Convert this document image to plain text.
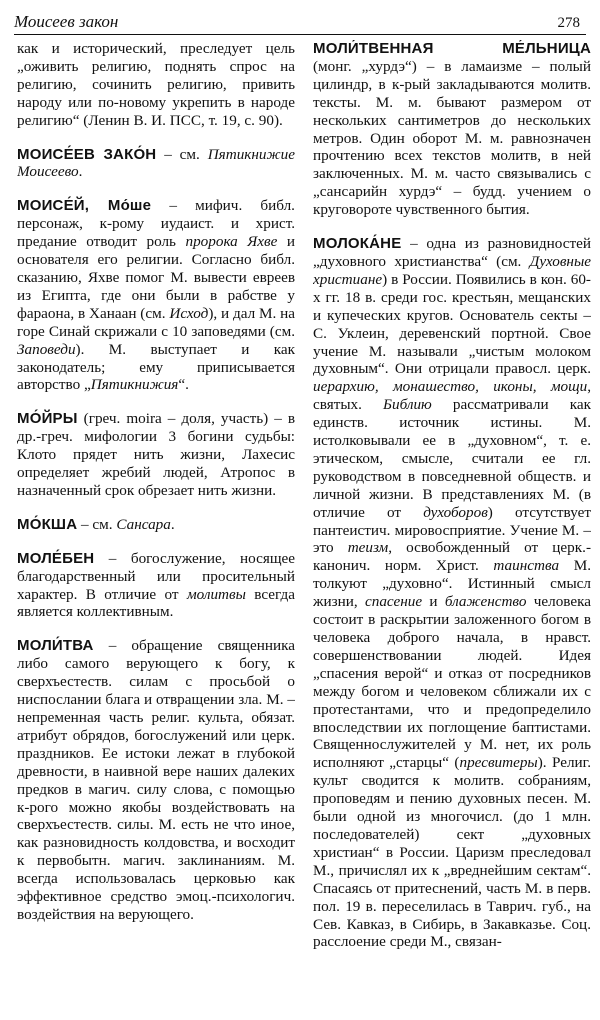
Моисеев закон	278

как и исторический, преследует цель „оживить религию, поднять спрос на религию, сочинить религию, привить народу или по-новому укрепить в народе религию“ (Ленин В. И. ПСС, т. 19, с. 90).

МОИСЕ́ЕВ ЗАКО́Н – см. Пятикнижие Моисеево.

МОИСЕ́Й, Мо́ше – мифич. библ. персонаж, к-рому иудаист. и христ. предание отводит роль пророка Яхве и основателя его религии. Согласно библ. сказанию, Яхве помог М. вывести евреев из Египта, где они были в рабстве у фараона, в Ханаан (см. Исход), и дал М. на горе Синай скрижали с 10 заповедями (см. Заповеди). М. выступает и как законодатель; ему приписывается авторство „Пятикнижия“.

МО́ЙРЫ (греч. moira – доля, участь) – в др.-греч. мифологии 3 богини судьбы: Клото прядет нить жизни, Лахесис определяет жребий людей, Атропос в назначенный срок обрезает нить жизни.

МО́КША – см. Сансара.

МОЛЕ́БЕН – богослужение, носящее благодарственный или просительный характер. В отличие от молитвы всегда является коллективным.

МОЛИ́ТВА – обращение священника либо самого верующего к богу, к сверхъестеств. силам с просьбой о ниспослании блага и отвращении зла. М. – непременная часть религ. культа, обязат. атрибут обрядов, богослужений или церк. праздников. Ее истоки лежат в глубокой древности, в наивной вере наших далеких предков в магич. силу слова, с помощью к-рого можно якобы воздействовать на сверхъестеств. силы. М. есть не что иное, как разновидность колдовства, и восходит к первобытн. магич. заклинаниям. М. всегда использовалась церковью как эффективное средство эмоц.-психологич. воздействия на верующего.

МОЛИ́ТВЕННАЯ	МЕ́ЛЬНИЦА

(монг. „хурдэ“) – в ламаизме – полый цилиндр, в к-рый закладываются молитв. тексты. М. м. бывают размером от нескольких сантиметров до нескольких метров. Один оборот М. м. равнозначен прочтению всех текстов молитв, в ней заключенных. М. м. часто связывались с „сансарийн хурдэ“ – будд. учением о круговороте чувственного бытия.

МОЛОКА́НЕ – одна из разновидностей „духовного христианства“ (см. Духовные христиане) в России. Появились в кон. 60-х гг. 18 в. среди гос. крестьян, мещанских и купеческих кругов. Основатель секты – С. Уклеин, деревенский портной. Свое учение М. называли „чистым молоком духовным“. Они отрицали правосл. церк. иерархию, монашество, иконы, мощи, святых. Библию рассматривали как единств. источник истины. М. истолковывали ее в „духовном“, т. е. этическом, смысле, считали ее гл. руководством в повседневной обществ. и личной жизни. В представлениях М. (в отличие от духоборов) отсутствует пантеистич. мировосприятие. Учение М. – это теизм, освобожденный от церк.-канонич. норм. Христ. таинства М. толкуют „духовно“. Истинный смысл жизни, спасение и блаженство человека состоит в раскрытии заложенного богом в человека доброго начала, в нравст. совершенствовании людей. Идея „спасения верой“ и отказ от посредников между богом и человеком сближали их с протестантами, что и предопределило впоследствии их поглощение баптистами. Священнослужителей у М. нет, их роль исполняют „старцы“ (пресвитеры). Религ. культ сводится к молитв. собраниям, проповедям и пению духовных песен. М. были одной из многочисл. (до 1 млн. последователей) сект „духовных христиан“ в России. Царизм преследовал М., причислял их к „вреднейшим сектам“. Спасаясь от притеснений, часть М. в перв. пол. 19 в. переселилась в Таврич. губ., на Сев. Кавказ, в Сибирь, в Закавказье. Соц. расслоение среди М., связан-
